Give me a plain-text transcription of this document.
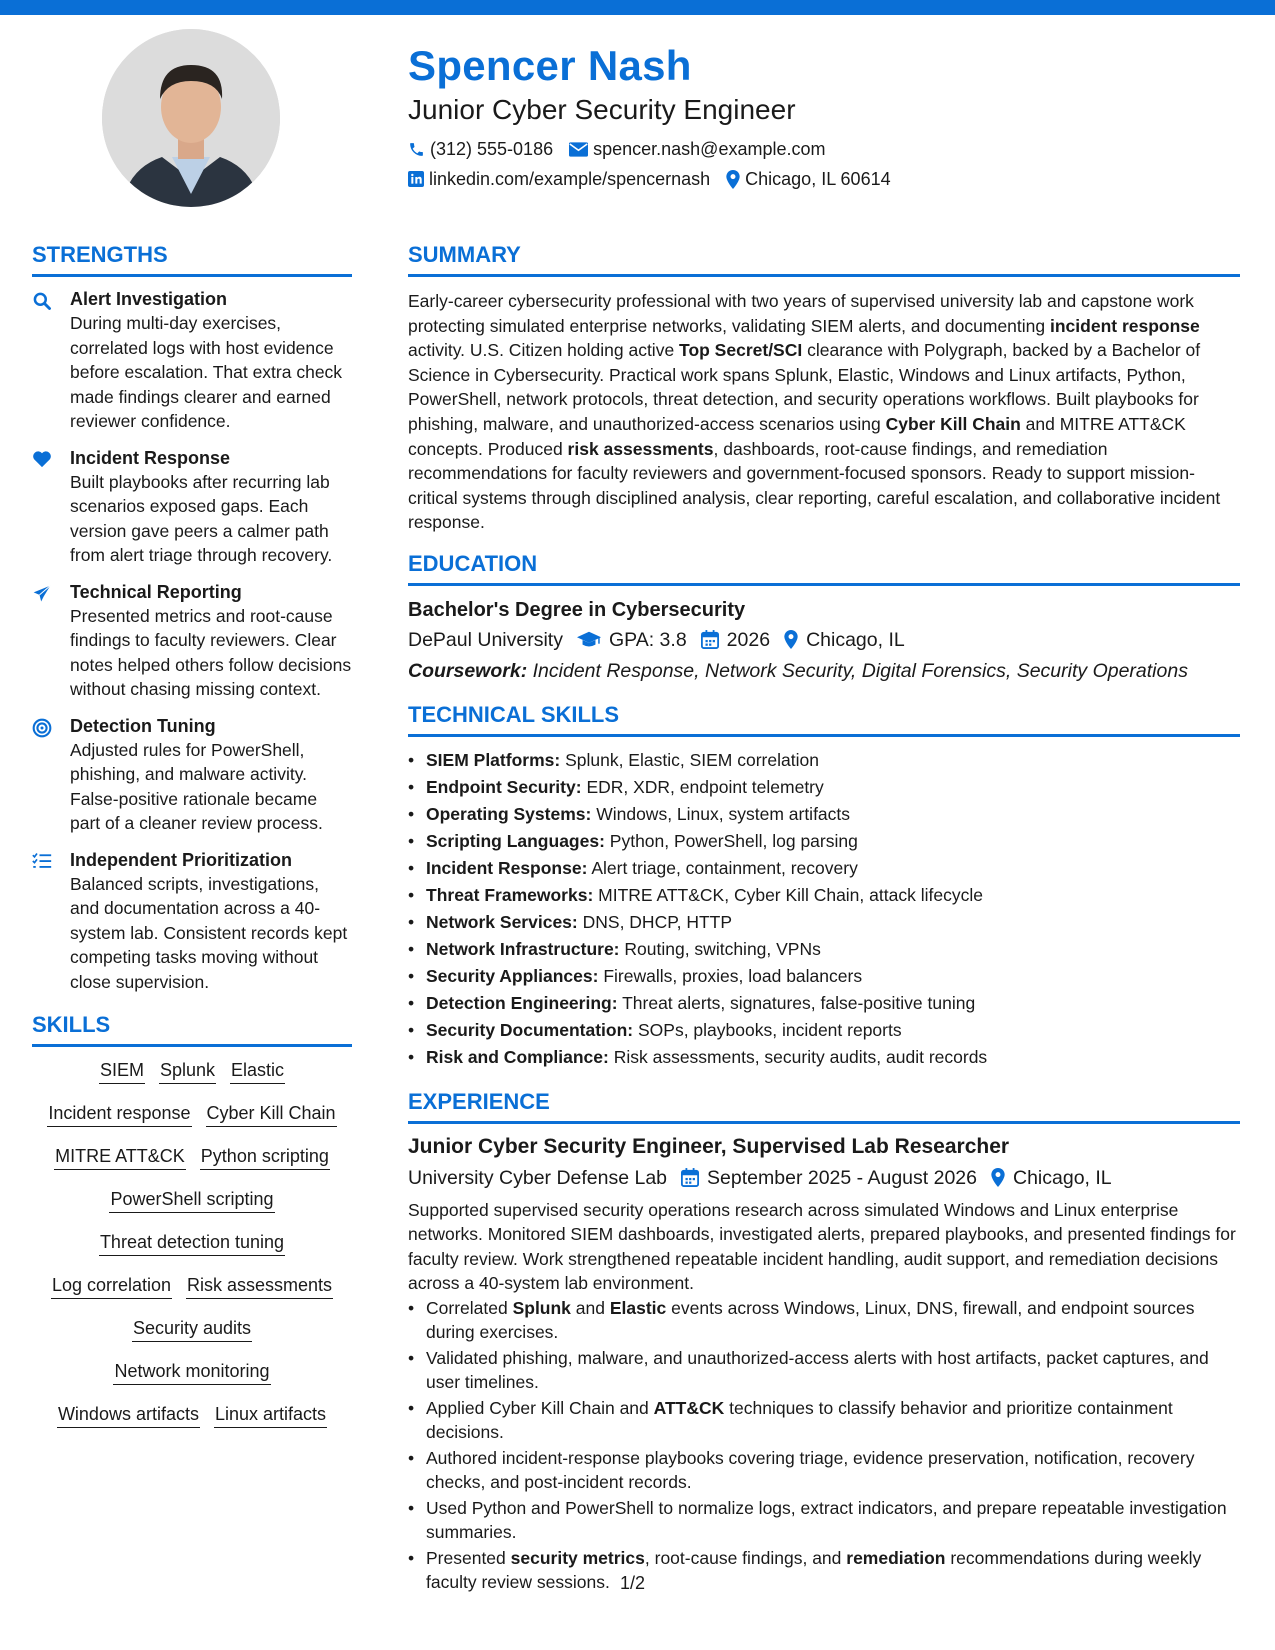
Spencer Nash
Junior Cyber Security Engineer
(312) 555-0186 spencer.nash@example.com
linkedin.com/example/spencernash Chicago, IL 60614
STRENGTHS
Alert Investigation
During multi-day exercises, correlated logs with host evidence before escalation. That extra check made findings clearer and earned reviewer confidence.
Incident Response
Built playbooks after recurring lab scenarios exposed gaps. Each version gave peers a calmer path from alert triage through recovery.
Technical Reporting
Presented metrics and root-cause findings to faculty reviewers. Clear notes helped others follow decisions without chasing missing context.
Detection Tuning
Adjusted rules for PowerShell, phishing, and malware activity. False-positive rationale became part of a cleaner review process.
Independent Prioritization
Balanced scripts, investigations, and documentation across a 40-system lab. Consistent records kept competing tasks moving without close supervision.
SKILLS
SIEM Splunk Elastic
Incident response Cyber Kill Chain
MITRE ATT&CK Python scripting
PowerShell scripting
Threat detection tuning
Log correlation Risk assessments
Security audits
Network monitoring
Windows artifacts Linux artifacts
SUMMARY
Early-career cybersecurity professional with two years of supervised university lab and capstone work protecting simulated enterprise networks, validating SIEM alerts, and documenting incident response activity. U.S. Citizen holding active Top Secret/SCI clearance with Polygraph, backed by a Bachelor of Science in Cybersecurity. Practical work spans Splunk, Elastic, Windows and Linux artifacts, Python, PowerShell, network protocols, threat detection, and security operations workflows. Built playbooks for phishing, malware, and unauthorized-access scenarios using Cyber Kill Chain and MITRE ATT&CK concepts. Produced risk assessments, dashboards, root-cause findings, and remediation recommendations for faculty reviewers and government-focused sponsors. Ready to support mission-critical systems through disciplined analysis, clear reporting, careful escalation, and collaborative incident response.
EDUCATION
Bachelor's Degree in Cybersecurity
DePaul University GPA: 3.8 2026 Chicago, IL
Coursework: Incident Response, Network Security, Digital Forensics, Security Operations
TECHNICAL SKILLS
• SIEM Platforms: Splunk, Elastic, SIEM correlation
• Endpoint Security: EDR, XDR, endpoint telemetry
• Operating Systems: Windows, Linux, system artifacts
• Scripting Languages: Python, PowerShell, log parsing
• Incident Response: Alert triage, containment, recovery
• Threat Frameworks: MITRE ATT&CK, Cyber Kill Chain, attack lifecycle
• Network Services: DNS, DHCP, HTTP
• Network Infrastructure: Routing, switching, VPNs
• Security Appliances: Firewalls, proxies, load balancers
• Detection Engineering: Threat alerts, signatures, false-positive tuning
• Security Documentation: SOPs, playbooks, incident reports
• Risk and Compliance: Risk assessments, security audits, audit records
EXPERIENCE
Junior Cyber Security Engineer, Supervised Lab Researcher
University Cyber Defense Lab September 2025 - August 2026 Chicago, IL
Supported supervised security operations research across simulated Windows and Linux enterprise networks. Monitored SIEM dashboards, investigated alerts, prepared playbooks, and presented findings for faculty review. Work strengthened repeatable incident handling, audit support, and remediation decisions across a 40-system lab environment.
• Correlated Splunk and Elastic events across Windows, Linux, DNS, firewall, and endpoint sources during exercises.
• Validated phishing, malware, and unauthorized-access alerts with host artifacts, packet captures, and user timelines.
• Applied Cyber Kill Chain and ATT&CK techniques to classify behavior and prioritize containment decisions.
• Authored incident-response playbooks covering triage, evidence preservation, notification, recovery checks, and post-incident records.
• Used Python and PowerShell to normalize logs, extract indicators, and prepare repeatable investigation summaries.
• Presented security metrics, root-cause findings, and remediation recommendations during weekly faculty review sessions. 1/2
